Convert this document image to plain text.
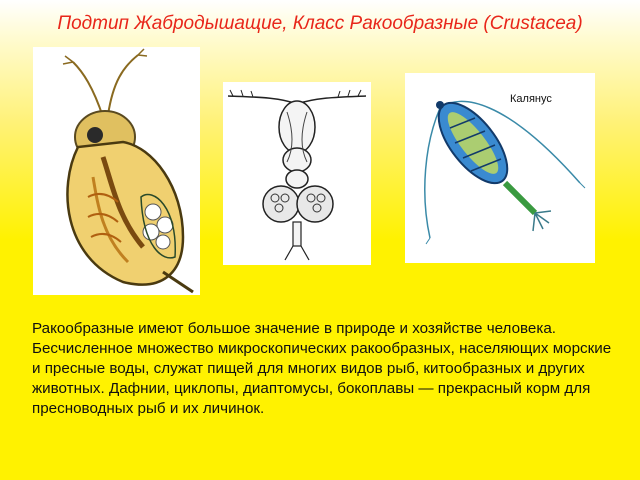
Подтип Жабродышащие, Класс Ракообразные (Crustacea)
Калянус
Ракообразные имеют большое значение в природе и хозяйстве человека. Бесчисленное множество микроскопических ракообразных, населяющих морские и пресные воды, служат пищей для многих видов рыб, китообразных и других животных. Дафнии, циклопы, диаптомусы, бокоплавы — прекрасный корм для пресноводных рыб и их личинок.
